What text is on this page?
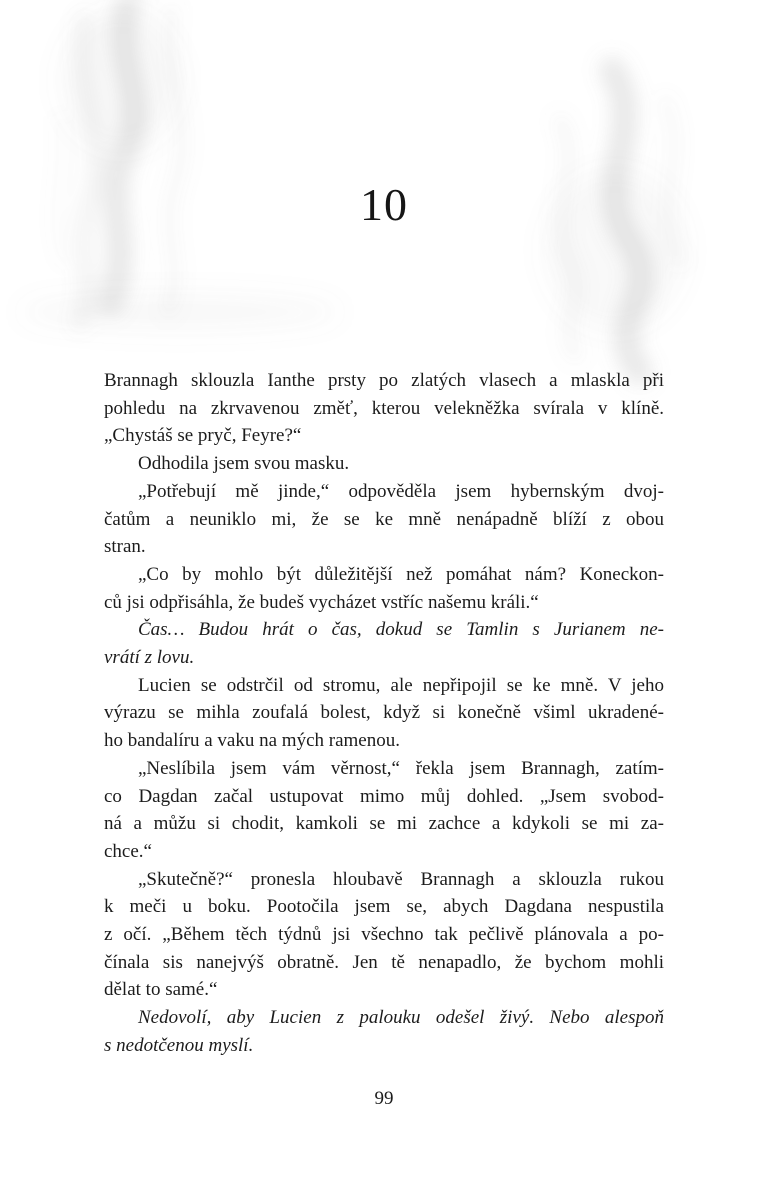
10
Brannagh sklouzla Ianthe prsty po zlatých vlasech a mlaskla při
pohledu na zkrvavenou změť, kterou velekněžka svírala v klíně.
„Chystáš se pryč, Feyre?“
Odhodila jsem svou masku.
„Potřebují mě jinde,“ odpověděla jsem hybernským dvoj-
čatům a neuniklo mi, že se ke mně nenápadně blíží z obou
stran.
„Co by mohlo být důležitější než pomáhat nám? Koneckon-
ců jsi odpřisáhla, že budeš vycházet vstříc našemu králi.“
Čas… Budou hrát o čas, dokud se Tamlin s Jurianem ne-
vrátí z lovu.
Lucien se odstrčil od stromu, ale nepřipojil se ke mně. V jeho
výrazu se mihla zoufalá bolest, když si konečně všiml ukradené-
ho bandalíru a vaku na mých ramenou.
„Neslíbila jsem vám věrnost,“ řekla jsem Brannagh, zatím-
co Dagdan začal ustupovat mimo můj dohled. „Jsem svobod-
ná a můžu si chodit, kamkoli se mi zachce a kdykoli se mi za-
chce.“
„Skutečně?“ pronesla hloubavě Brannagh a sklouzla rukou
k meči u boku. Pootočila jsem se, abych Dagdana nespustila
z očí. „Během těch týdnů jsi všechno tak pečlivě plánovala a po-
čínala sis nanejvýš obratně. Jen tě nenapadlo, že bychom mohli
dělat to samé.“
Nedovolí, aby Lucien z palouku odešel živý. Nebo alespoň
s nedotčenou myslí.
99
